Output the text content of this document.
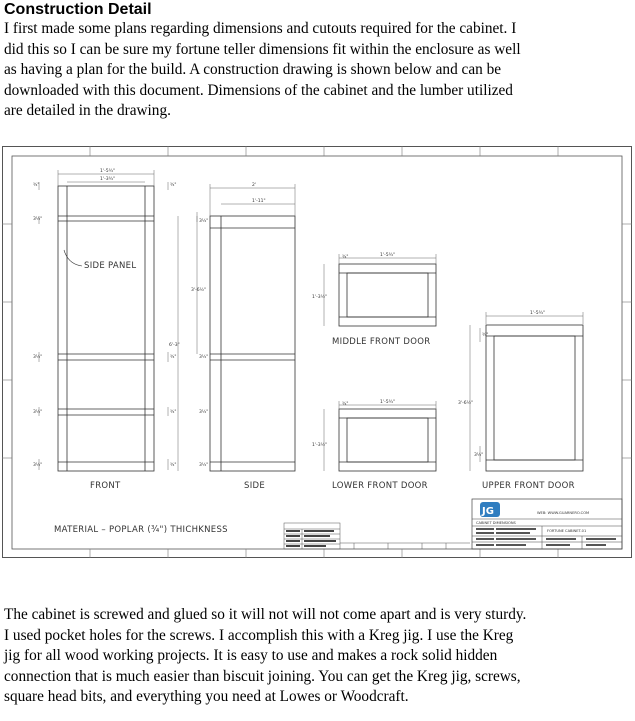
Construction Detail

I first made some plans regarding dimensions and cutouts required for the cabinet. I
did this so I can be sure my fortune teller dimensions fit within the enclosure as well
as having a plan for the build. A construction drawing is shown below and can be
downloaded with this document. Dimensions of the cabinet and the lumber utilized
are detailed in the drawing.

1'-5¾"
1'-3¾"
¾"
3½"
3½"
3½"
3½"
¾"
¾"
¾"
¾"
SIDE PANEL
FRONT
2'
1'-11"
6'-3"
3'-6½"
3½"
3½"
3½"
3½"
SIDE
1'-5¾"
¾"
1'-3½"
MIDDLE FRONT DOOR
1'-5¾"
¾"
1'-3½"
LOWER FRONT DOOR
1'-5¾"
¾"
3'-6½"
3½"
UPPER FRONT DOOR
MATERIAL – POPLAR (¾") THICHKNESS
JG	WEB: WWW.GUARNERO.COM
CABINET DIMENSIONS
FORTUNE CABINET-01

The cabinet is screwed and glued so it will not will not come apart and is very sturdy.
I used pocket holes for the screws. I accomplish this with a Kreg jig. I use the Kreg
jig for all wood working projects. It is easy to use and makes a rock solid hidden
connection that is much easier than biscuit joining. You can get the Kreg jig, screws,
square head bits, and everything you need at Lowes or Woodcraft.
